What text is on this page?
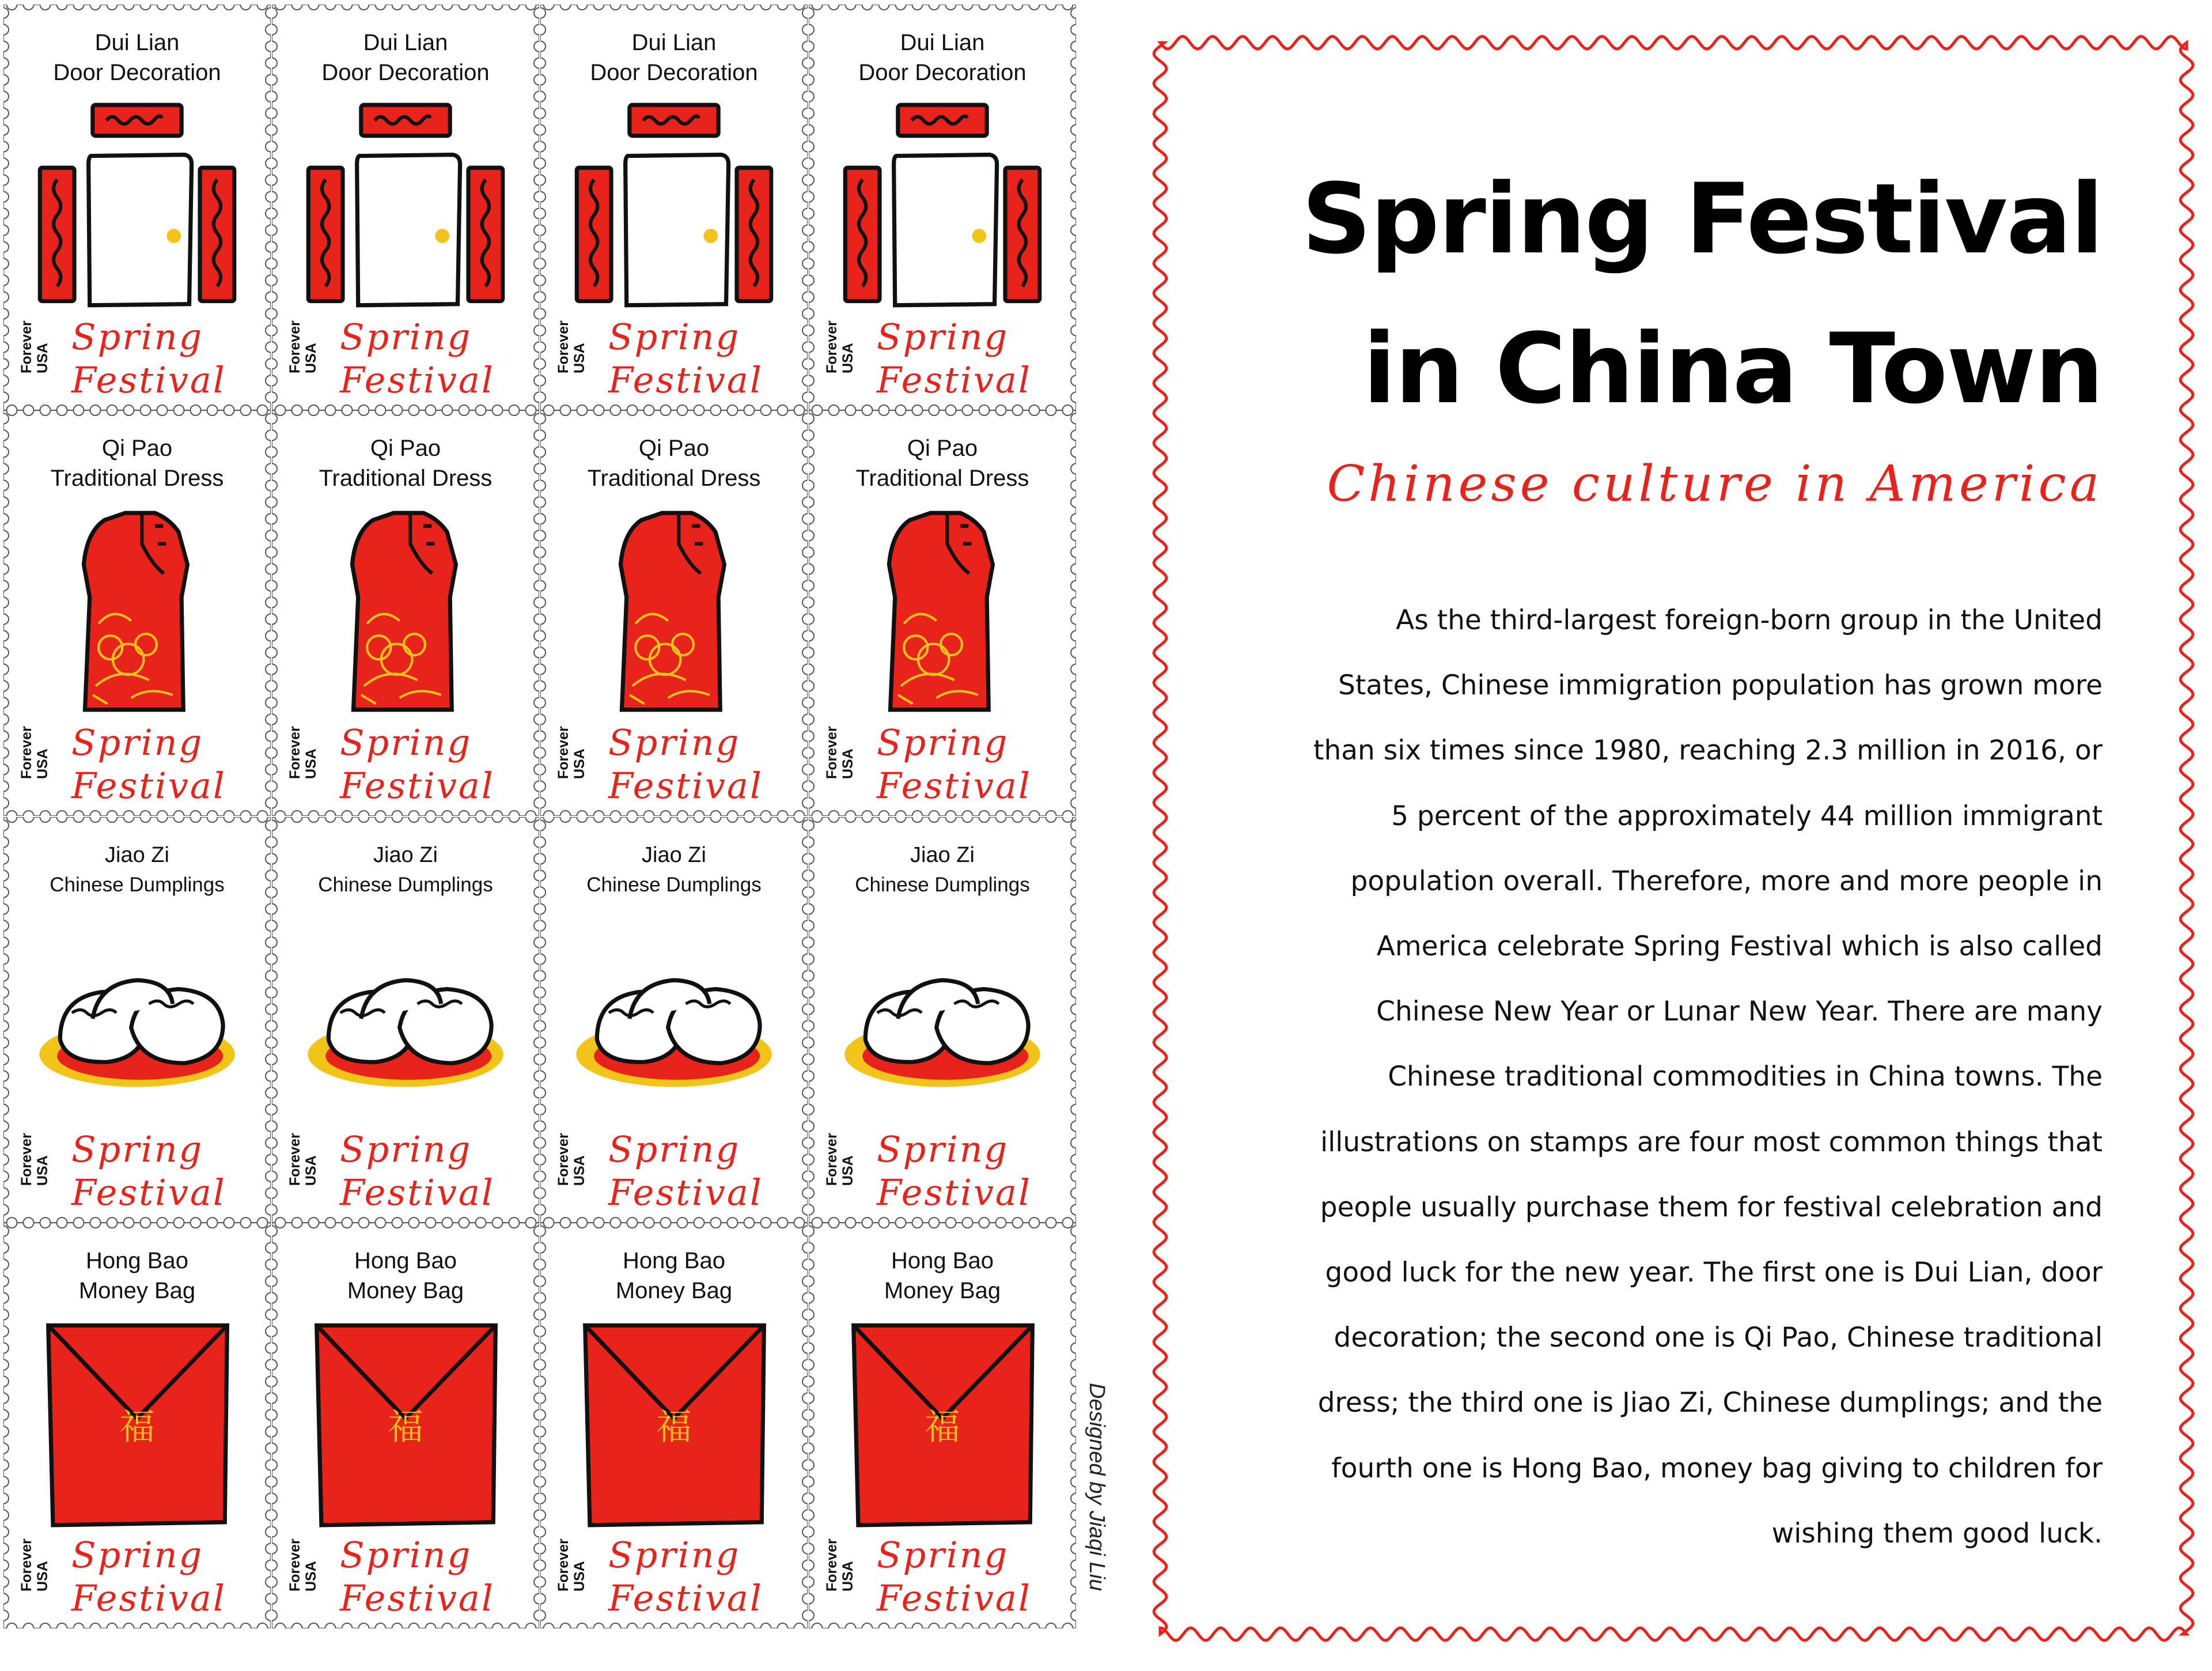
Dui Lian
Door Decoration
Forever USA
Spring
Festival
Dui Lian
Door Decoration
Forever USA
Spring
Festival
Dui Lian
Door Decoration
Forever USA
Spring
Festival
Dui Lian
Door Decoration
Forever USA
Spring
Festival
Qi Pao
Traditional Dress
Forever USA
Spring
Festival
Qi Pao
Traditional Dress
Forever USA
Spring
Festival
Qi Pao
Traditional Dress
Forever USA
Spring
Festival
Qi Pao
Traditional Dress
Forever USA
Spring
Festival
Jiao Zi
Chinese Dumplings
Forever USA
Spring
Festival
Jiao Zi
Chinese Dumplings
Forever USA
Spring
Festival
Jiao Zi
Chinese Dumplings
Forever USA
Spring
Festival
Jiao Zi
Chinese Dumplings
Forever USA
Spring
Festival
Hong Bao
Money Bag
福
Forever USA
Spring
Festival
Hong Bao
Money Bag
福
Forever USA
Spring
Festival
Hong Bao
Money Bag
福
Forever USA
Spring
Festival
Hong Bao
Money Bag
福
Forever USA
Spring
Festival
Designed by Jiaqi Liu
Spring Festival
in China Town
Chinese culture in America
As the third-largest foreign-born group in the United
States, Chinese immigration population has grown more
than six times since 1980, reaching 2.3 million in 2016, or
5 percent of the approximately 44 million immigrant
population overall. Therefore, more and more people in
America celebrate Spring Festival which is also called
Chinese New Year or Lunar New Year. There are many
Chinese traditional commodities in China towns. The
illustrations on stamps are four most common things that
people usually purchase them for festival celebration and
good luck for the new year. The first one is Dui Lian, door
decoration; the second one is Qi Pao, Chinese traditional
dress; the third one is Jiao Zi, Chinese dumplings; and the
fourth one is Hong Bao, money bag giving to children for
wishing them good luck.
